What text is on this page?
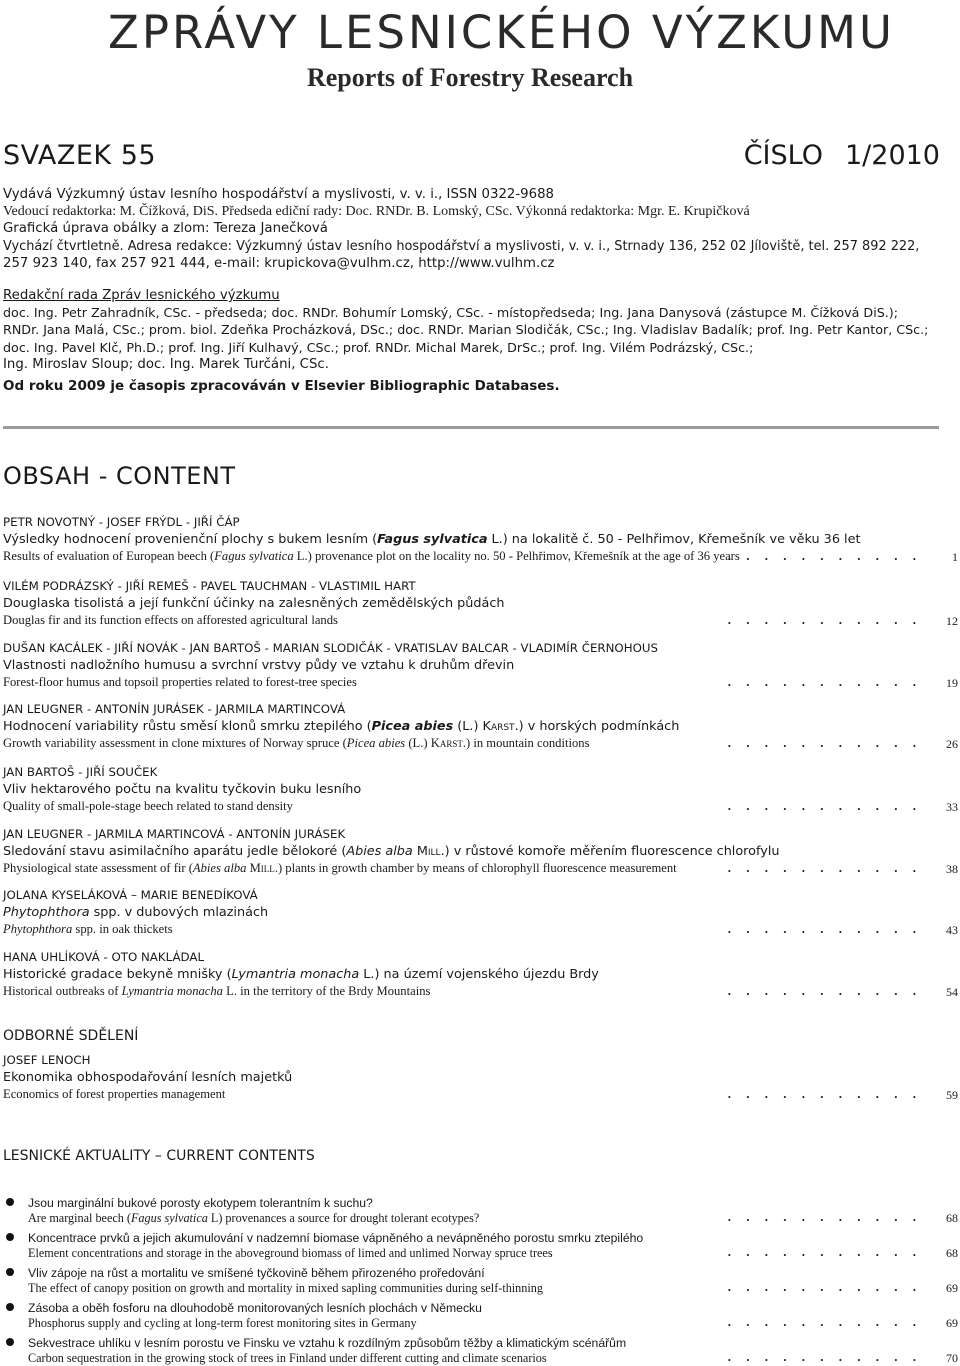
ZPRÁVY LESNICKÉHO VÝZKUMU
Reports of Forestry Research
SVAZEK 55	ČÍSLO 1/2010
Vydává Výzkumný ústav lesního hospodářství a myslivosti, v. v. i., ISSN 0322-9688
Vedoucí redaktorka: M. Čížková, DiS. Předseda ediční rady: Doc. RNDr. B. Lomský, CSc. Výkonná redaktorka: Mgr. E. Krupičková
Grafická úprava obálky a zlom: Tereza Janečková
Vychází čtvrtletně. Adresa redakce: Výzkumný ústav lesního hospodářství a myslivosti, v. v. i., Strnady 136, 252 02 Jíloviště, tel. 257 892 222,
257 923 140, fax 257 921 444, e-mail: krupickova@vulhm.cz, http://www.vulhm.cz
Redakční rada Zpráv lesnického výzkumu
doc. Ing. Petr Zahradník, CSc. - předseda; doc. RNDr. Bohumír Lomský, CSc. - místopředseda; Ing. Jana Danysová (zástupce M. Čížková DiS.);
RNDr. Jana Malá, CSc.; prom. biol. Zdeňka Procházková, DSc.; doc. RNDr. Marian Slodičák, CSc.; Ing. Vladislav Badalík; prof. Ing. Petr Kantor, CSc.;
doc. Ing. Pavel Klč, Ph.D.; prof. Ing. Jiří Kulhavý, CSc.; prof. RNDr. Michal Marek, DrSc.; prof. Ing. Vilém Podrázský, CSc.;
Ing. Miroslav Sloup; doc. Ing. Marek Turčáni, CSc.
Od roku 2009 je časopis zpracováván v Elsevier Bibliographic Databases.
OBSAH - CONTENT
PETR NOVOTNÝ - JOSEF FRÝDL - JIŘÍ ČÁP
Výsledky hodnocení provenienční plochy s bukem lesním (Fagus sylvatica L.) na lokalitě č. 50 - Pelhřimov, Křemešník ve věku 36 let
Results of evaluation of European beech (Fagus sylvatica L.) provenance plot on the locality no. 50 - Pelhřimov, Křemešník at the age of 36 years
. . . . . . . . . . .	1
VILÉM PODRÁZSKÝ - JIŘÍ REMEŠ - PAVEL TAUCHMAN - VLASTIMIL HART
Douglaska tisolistá a její funkční účinky na zalesněných zemědělských půdách
Douglas fir and its function effects on afforested agricultural lands	. . . . . . . . . . .	12
DUŠAN KACÁLEK - JIŘÍ NOVÁK - JAN BARTOŠ - MARIAN SLODIČÁK - VRATISLAV BALCAR - VLADIMÍR ČERNOHOUS
Vlastnosti nadložního humusu a svrchní vrstvy půdy ve vztahu k druhům dřevin
Forest-floor humus and topsoil properties related to forest-tree species	. . . . . . . . . . .	19
JAN LEUGNER - ANTONÍN JURÁSEK - JARMILA MARTINCOVÁ
Hodnocení variability růstu směsí klonů smrku ztepilého (Picea abies (L.) Karst.) v horských podmínkách
Growth variability assessment in clone mixtures of Norway spruce (Picea abies (L.) Karst.) in mountain conditions	. . . . . . . . . . .	26
JAN BARTOŠ - JIŘÍ SOUČEK
Vliv hektarového počtu na kvalitu tyčkovin buku lesního
Quality of small-pole-stage beech related to stand density	. . . . . . . . . . .	33
JAN LEUGNER - JARMILA MARTINCOVÁ - ANTONÍN JURÁSEK
Sledování stavu asimilačního aparátu jedle bělokoré (Abies alba Mill.) v růstové komoře měřením fluorescence chlorofylu
Physiological state assessment of fir (Abies alba Mill.) plants in growth chamber by means of chlorophyll fluorescence measurement	. . . . . . . . . . .	38
JOLANA KYSELÁKOVÁ – MARIE BENEDÍKOVÁ
Phytophthora spp. v dubových mlazinách
Phytophthora spp. in oak thickets	. . . . . . . . . . .	43
HANA UHLÍKOVÁ - OTO NAKLÁDAL
Historické gradace bekyně mnišky (Lymantria monacha L.) na území vojenského újezdu Brdy
Historical outbreaks of Lymantria monacha L. in the territory of the Brdy Mountains	. . . . . . . . . . .	54
ODBORNÉ SDĚLENÍ
JOSEF LENOCH
Ekonomika obhospodařování lesních majetků
Economics of forest properties management	. . . . . . . . . . .	59
LESNICKÉ AKTUALITY – CURRENT CONTENTS
Jsou marginální bukové porosty ekotypem tolerantním k suchu?
Are marginal beech (Fagus sylvatica L) provenances a source for drought tolerant ecotypes?	. . . . . . . . . . .	68
Koncentrace prvků a jejich akumulování v nadzemní biomase vápněného a nevápněného porostu smrku ztepilého
Element concentrations and storage in the aboveground biomass of limed and unlimed Norway spruce trees	. . . . . . . . . . .	68
Vliv zápoje na růst a mortalitu ve smíšené tyčkovině během přirozeného proředování
The effect of canopy position on growth and mortality in mixed sapling communities during self-thinning	. . . . . . . . . . .	69
Zásoba a oběh fosforu na dlouhodobě monitorovaných lesních plochách v Německu
Phosphorus supply and cycling at long-term forest monitoring sites in Germany	. . . . . . . . . . .	69
Sekvestrace uhlíku v lesním porostu ve Finsku ve vztahu k rozdílným způsobům těžby a klimatickým scénářům
Carbon sequestration in the growing stock of trees in Finland under different cutting and climate scenarios	. . . . . . . . . . .	70
